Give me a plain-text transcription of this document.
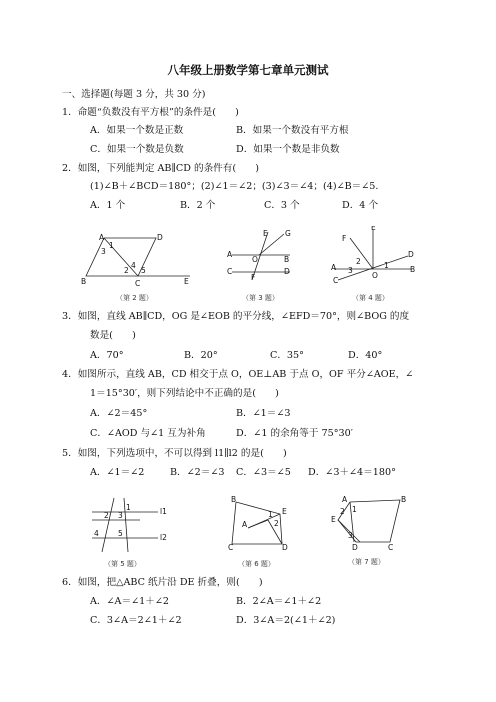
八年级上册数学第七章单元测试
一、选择题(每题 3 分，共 30 分)
1．命题“负数没有平方根”的条件是(　　)
A．如果一个数是正数	B．如果一个数没有平方根
C．如果一个数是负数	D．如果一个数是非负数
2．如图，下列能判定 AB∥CD 的条件有(　　)
(1)∠B＋∠BCD＝180°；(2)∠1＝∠2；(3)∠3＝∠4；(4)∠B＝∠5.
A．1 个	B．2 个	C．3 个	D．4 个
A	D
B	C	E
1
3
2
4
5
（第 2 题）
E G
A
O	B
C
F
D
（第 3 题）
E
F
D
A	B
C
O
2
3
1
（第 4 题）
3．如图，直线 AB∥CD，OG 是∠EOB 的平分线，∠EFD＝70°，则∠BOG 的度
数是(　　)
A．70°	B．20°	C．35°	D．40°
4．如图所示，直线 AB，CD 相交于点 O，OE⊥AB 于点 O，OF 平分∠AOE，∠
1＝15°30′，则下列结论中不正确的是(　　)
A．∠2＝45°	B．∠1＝∠3
C．∠AOD 与∠1 互为补角	D．∠1 的余角等于 75°30′
5．如图，下列选项中，不可以得到 l1∥l2 的是(　　)
A．∠1＝∠2	B．∠2＝∠3 C．∠3＝∠5 D．∠3＋∠4＝180°
1
2 3
4	5
l1
l2
（第 5 题）
B
E
A
C	D
1
2
（第 6 题）
A	B
E
1
2
3
D	C
（第 7 题）
6．如图，把△ABC 纸片沿 DE 折叠，则(　　)
A．∠A＝∠1＋∠2	B．2∠A＝∠1＋∠2
C．3∠A＝2∠1＋∠2	D．3∠A＝2(∠1＋∠2)
